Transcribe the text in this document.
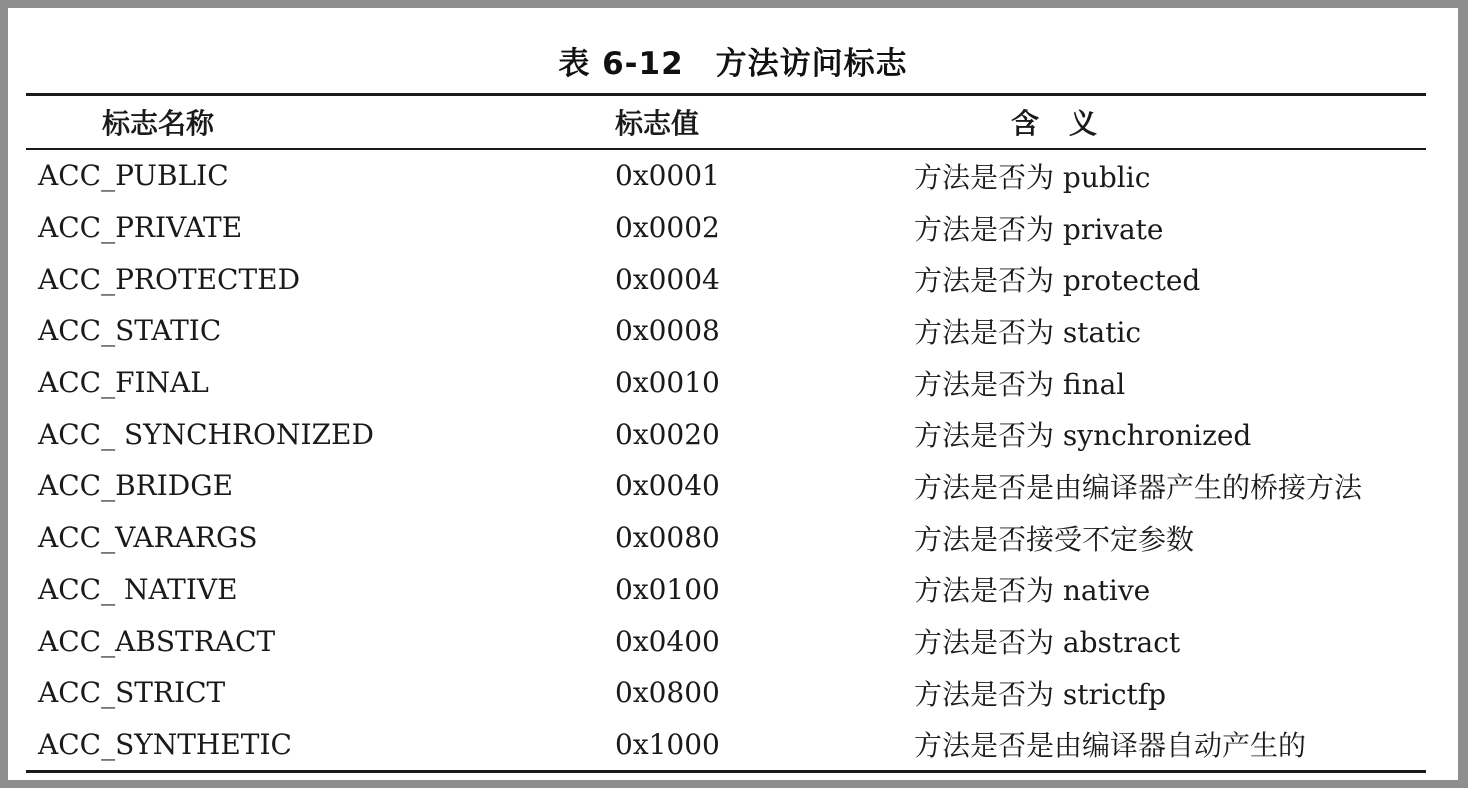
表 6-12　方法访问标志
标志名称	标志值	含义
ACC_PUBLIC	0x0001	方法是否为 public
ACC_PRIVATE	0x0002	方法是否为 private
ACC_PROTECTED	0x0004	方法是否为 protected
ACC_STATIC	0x0008	方法是否为 static
ACC_FINAL	0x0010	方法是否为 final
ACC_ SYNCHRONIZED	0x0020	方法是否为 synchronized
ACC_BRIDGE	0x0040	方法是否是由编译器产生的桥接方法
ACC_VARARGS	0x0080	方法是否接受不定参数
ACC_ NATIVE	0x0100	方法是否为 native
ACC_ABSTRACT	0x0400	方法是否为 abstract
ACC_STRICT	0x0800	方法是否为 strictfp
ACC_SYNTHETIC	0x1000	方法是否是由编译器自动产生的
